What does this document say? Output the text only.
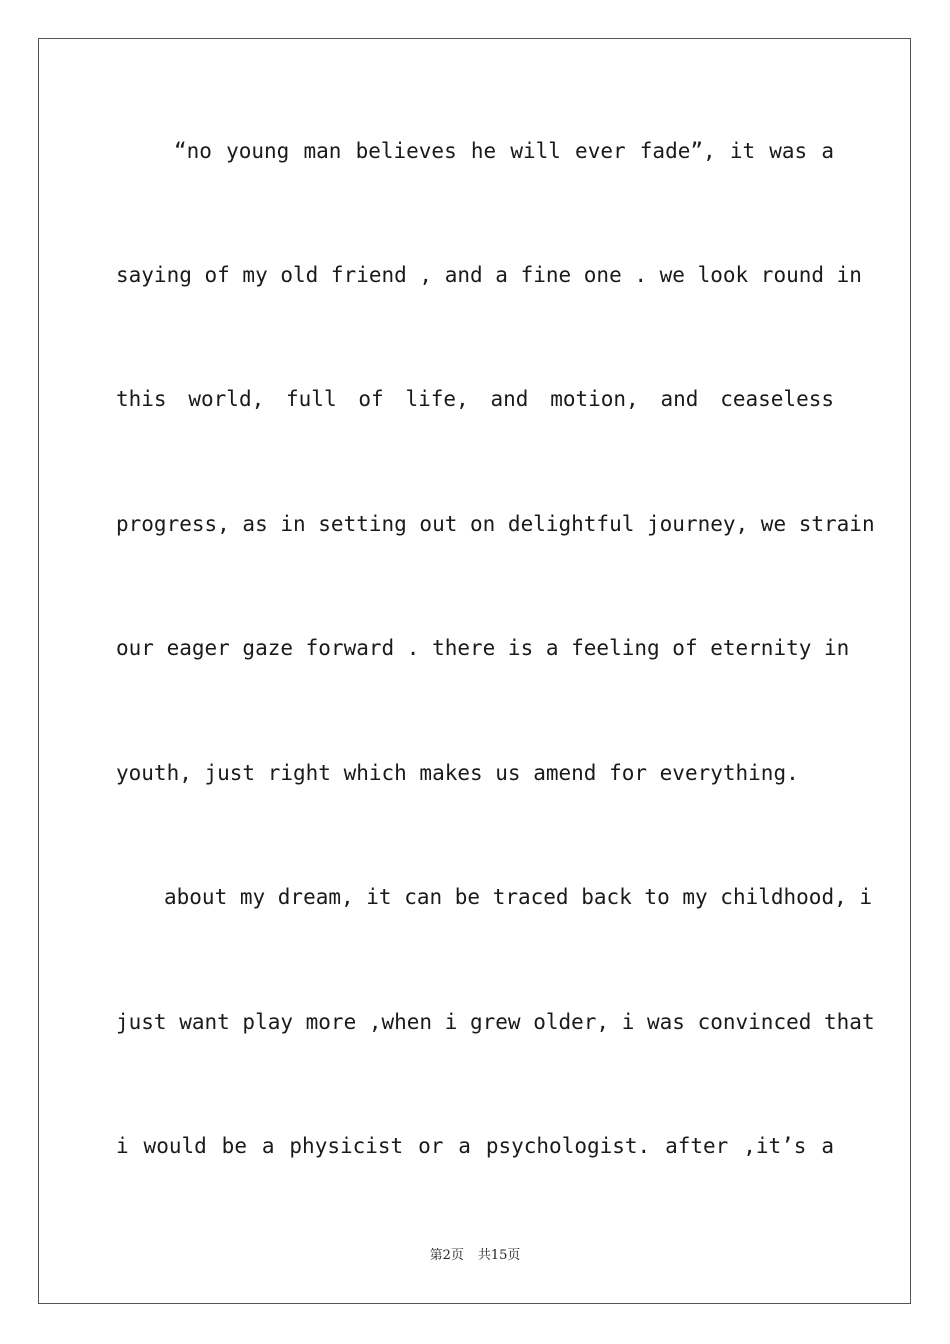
“no young man believes he will ever fade”, it was a
saying of my old friend , and a fine one . we look round in
this world, full of life, and motion, and ceaseless
progress, as in setting out on delightful journey, we strain
our eager gaze forward . there is a feeling of eternity in
youth, just right which makes us amend for everything.
about my dream, it can be traced back to my childhood, i
just want play more ,when i grew older, i was convinced that
i would be a physicist or a psychologist. after ,it’s a
第2页 共15页
